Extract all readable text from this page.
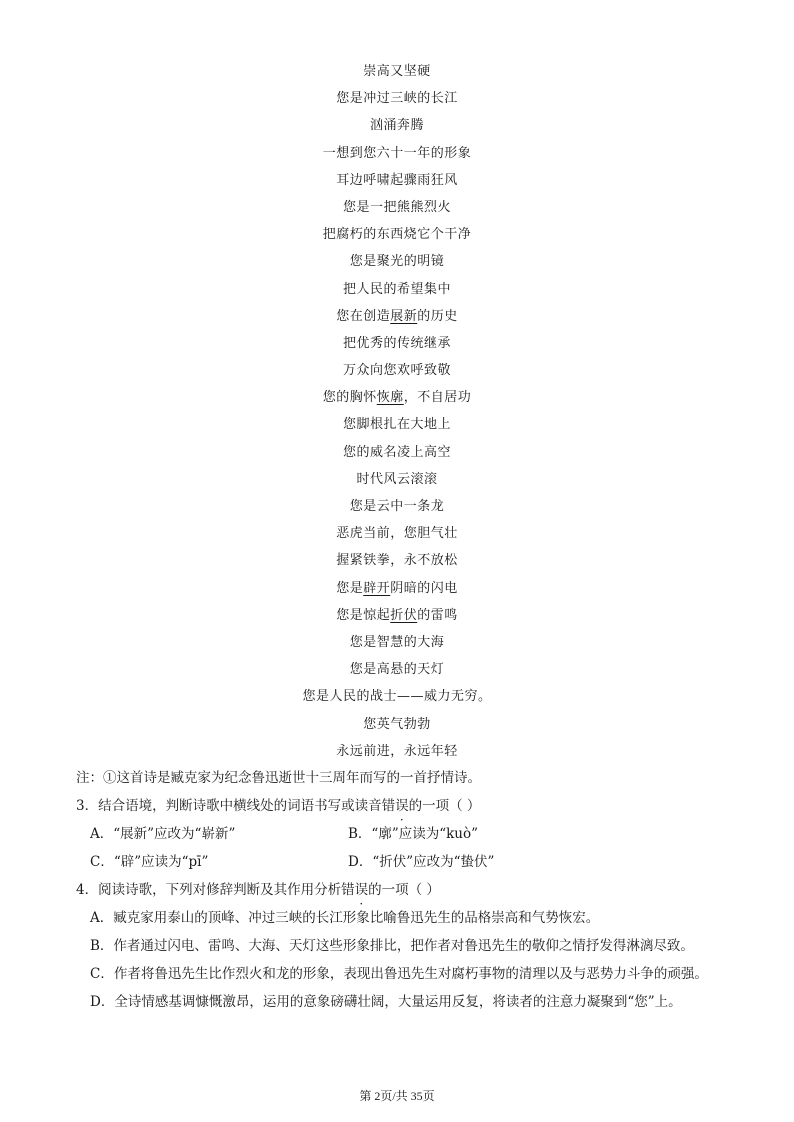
崇高又坚硬
您是冲过三峡的长江
汹涌奔腾
一想到您六十一年的形象
耳边呼啸起骤雨狂风
您是一把熊熊烈火
把腐朽的东西烧它个干净
您是聚光的明镜
把人民的希望集中
您在创造展新的历史
把优秀的传统继承
万众向您欢呼致敬
您的胸怀恢廓，不自居功
您脚根扎在大地上
您的威名凌上高空
时代风云滚滚
您是云中一条龙
恶虎当前，您胆气壮
握紧铁拳，永不放松
您是辟开阴暗的闪电
您是惊起折伏的雷鸣
您是智慧的大海
您是高悬的天灯
您是人民的战士——威力无穷。
您英气勃勃
永远前进，永远年轻
注：①这首诗是臧克家为纪念鲁迅逝世十三周年而写的一首抒情诗。
3．结合语境，判断诗歌中横线处的词语书写或读音错误的一项（ ）
A．“展新”应改为“崭新”	B．“廓”应读为“kuò”
C．“辟”应读为“pī”	D．“折伏”应改为“蛰伏”
4．阅读诗歌，下列对修辞判断及其作用分析错误的一项（ ）
A．臧克家用泰山的顶峰、冲过三峡的长江形象比喻鲁迅先生的品格崇高和气势恢宏。
B．作者通过闪电、雷鸣、大海、天灯这些形象排比，把作者对鲁迅先生的敬仰之情抒发得淋漓尽致。
C．作者将鲁迅先生比作烈火和龙的形象，表现出鲁迅先生对腐朽事物的清理以及与恶势力斗争的顽强。
D．全诗情感基调慷慨激昂，运用的意象磅礴壮阔，大量运用反复，将读者的注意力凝聚到“您”上。
第 2页/共 35页
